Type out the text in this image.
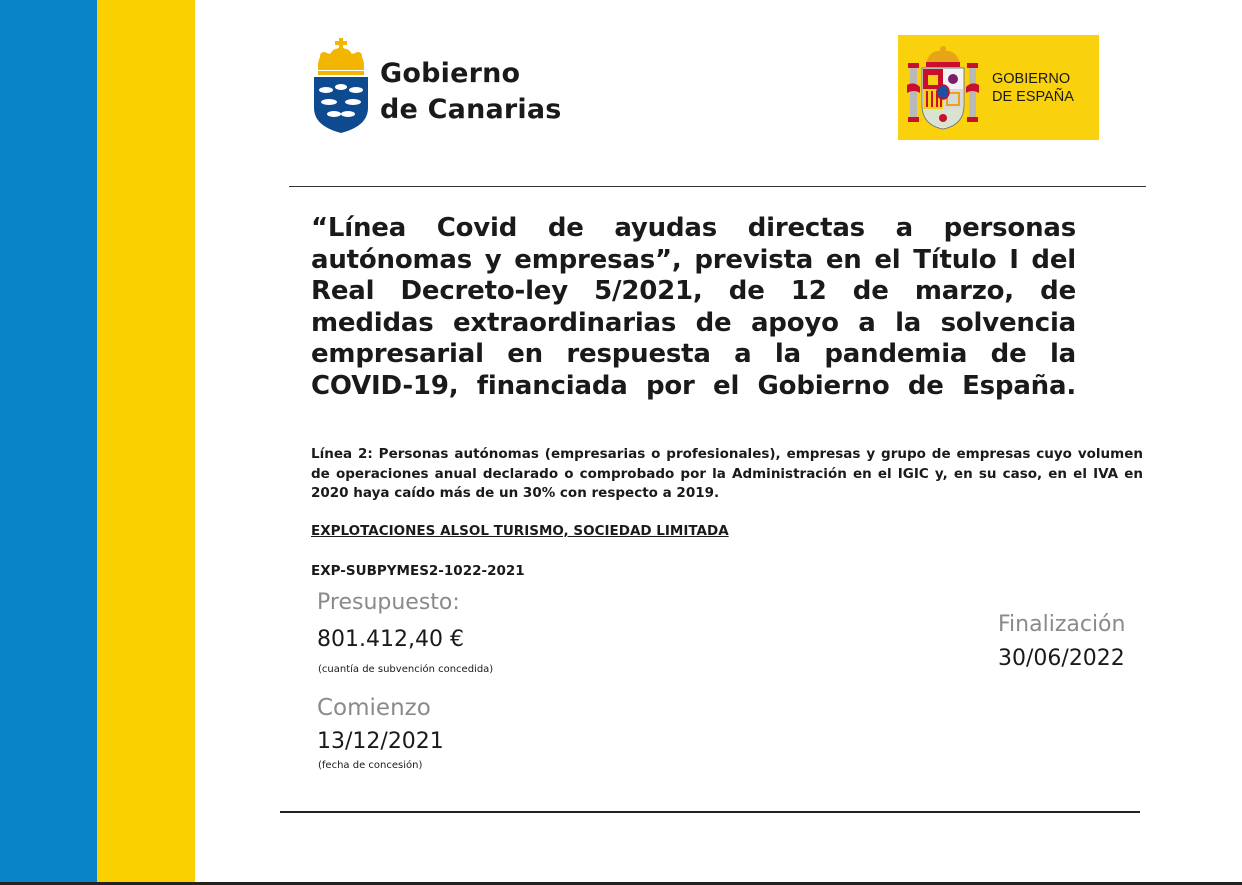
Gobierno
de Canarias
GOBIERNO
DE ESPAÑA

“Línea Covid de ayudas directas a personas autónomas y empresas”, prevista en el Título I del Real Decreto-ley 5/2021, de 12 de marzo, de medidas extraordinarias de apoyo a la solvencia empresarial en respuesta a la pandemia de la COVID-19, financiada por el Gobierno de España.

Línea 2: Personas autónomas (empresarias o profesionales), empresas y grupo de empresas cuyo volumen de operaciones anual declarado o comprobado por la Administración en el IGIC y, en su caso, en el IVA en 2020 haya caído más de un 30% con respecto a 2019.

EXPLOTACIONES ALSOL TURISMO, SOCIEDAD LIMITADA
EXP-SUBPYMES2-1022-2021
Presupuesto:
801.412,40 €
(cuantía de subvención concedida)
Comienzo
13/12/2021
(fecha de concesión)
Finalización
30/06/2022
